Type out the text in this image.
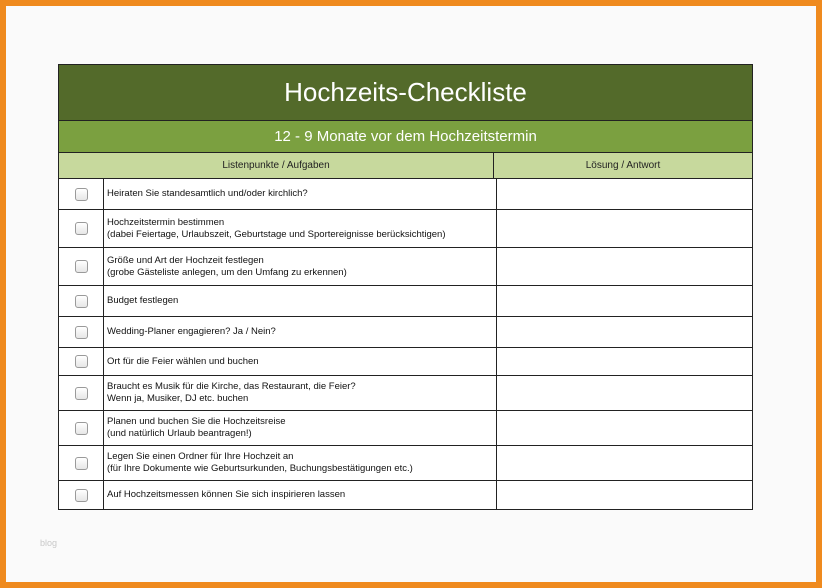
Hochzeits-Checkliste
12 - 9 Monate vor dem Hochzeitstermin
Listenpunkte / Aufgaben	Lösung / Antwort
Heiraten Sie standesamtlich und/oder kirchlich?
Hochzeitstermin bestimmen
(dabei Feiertage, Urlaubszeit, Geburtstage und Sportereignisse berücksichtigen)
Größe und Art der Hochzeit festlegen
(grobe Gästeliste anlegen, um den Umfang zu erkennen)
Budget festlegen
Wedding-Planer engagieren? Ja / Nein?
Ort für die Feier wählen und buchen
Braucht es Musik für die Kirche, das Restaurant, die Feier?
Wenn ja, Musiker, DJ etc. buchen
Planen und buchen Sie die Hochzeitsreise
(und natürlich Urlaub beantragen!)
Legen Sie einen Ordner für Ihre Hochzeit an
(für Ihre Dokumente wie Geburtsurkunden, Buchungsbestätigungen etc.)
Auf Hochzeitsmessen können Sie sich inspirieren lassen
blog
